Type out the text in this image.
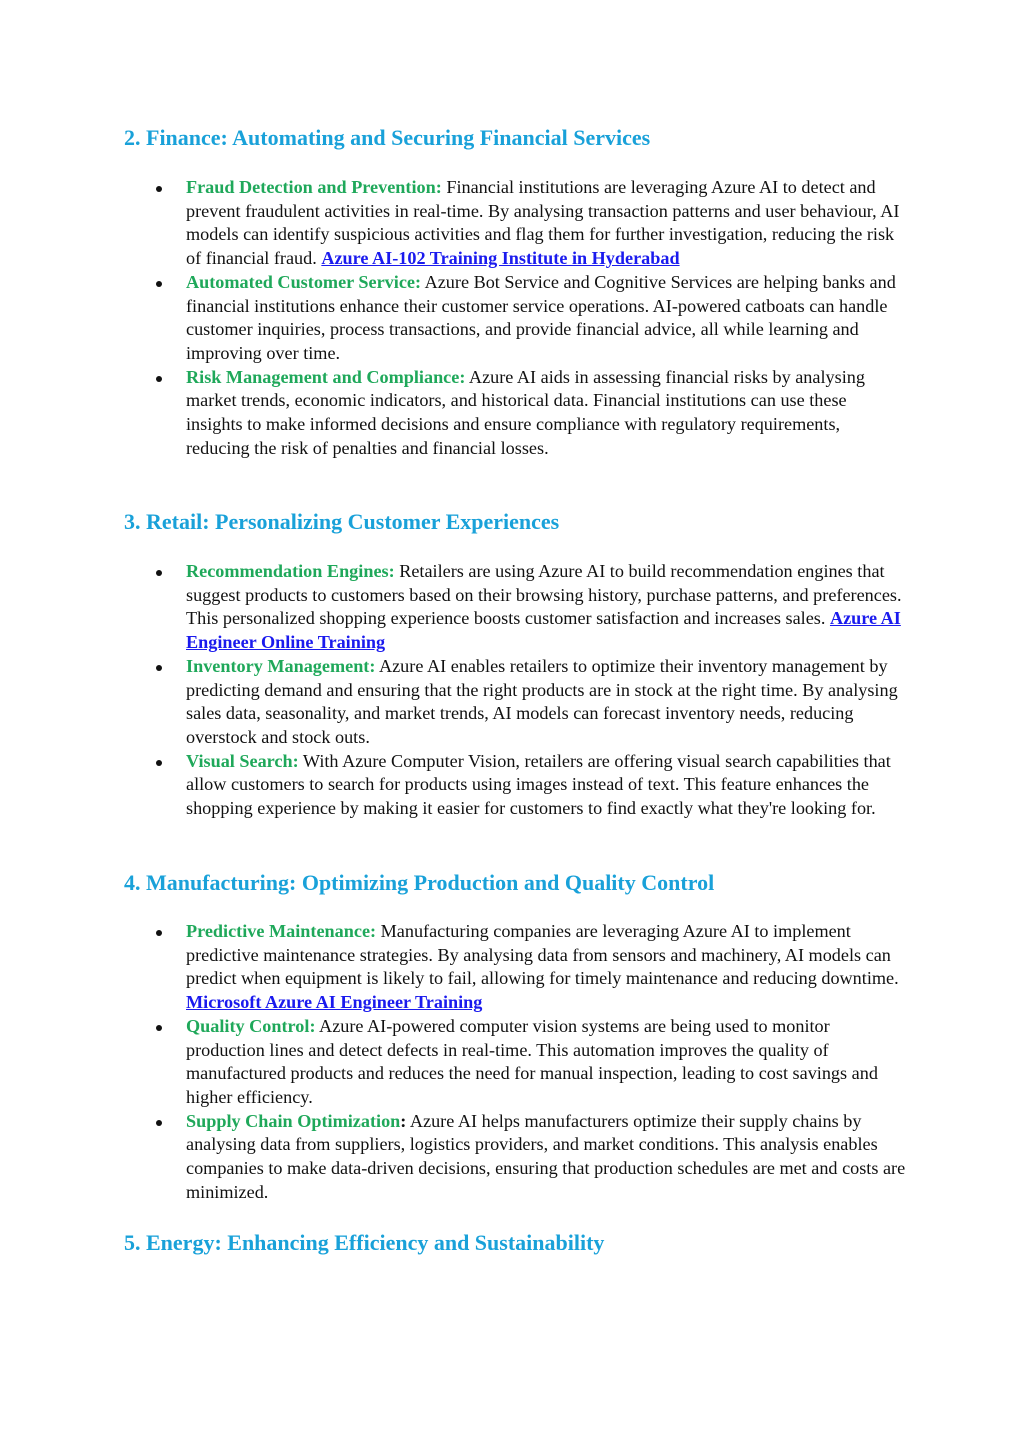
2. Finance: Automating and Securing Financial Services
Fraud Detection and Prevention: Financial institutions are leveraging Azure AI to detect and prevent fraudulent activities in real-time. By analysing transaction patterns and user behaviour, AI models can identify suspicious activities and flag them for further investigation, reducing the risk of financial fraud. Azure AI-102 Training Institute in Hyderabad
Automated Customer Service: Azure Bot Service and Cognitive Services are helping banks and financial institutions enhance their customer service operations. AI-powered catboats can handle customer inquiries, process transactions, and provide financial advice, all while learning and improving over time.
Risk Management and Compliance: Azure AI aids in assessing financial risks by analysing market trends, economic indicators, and historical data. Financial institutions can use these insights to make informed decisions and ensure compliance with regulatory requirements, reducing the risk of penalties and financial losses.
3. Retail: Personalizing Customer Experiences
Recommendation Engines: Retailers are using Azure AI to build recommendation engines that suggest products to customers based on their browsing history, purchase patterns, and preferences. This personalized shopping experience boosts customer satisfaction and increases sales. Azure AI Engineer Online Training
Inventory Management: Azure AI enables retailers to optimize their inventory management by predicting demand and ensuring that the right products are in stock at the right time. By analysing sales data, seasonality, and market trends, AI models can forecast inventory needs, reducing overstock and stock outs.
Visual Search: With Azure Computer Vision, retailers are offering visual search capabilities that allow customers to search for products using images instead of text. This feature enhances the shopping experience by making it easier for customers to find exactly what they're looking for.
4. Manufacturing: Optimizing Production and Quality Control
Predictive Maintenance: Manufacturing companies are leveraging Azure AI to implement predictive maintenance strategies. By analysing data from sensors and machinery, AI models can predict when equipment is likely to fail, allowing for timely maintenance and reducing downtime. Microsoft Azure AI Engineer Training
Quality Control: Azure AI-powered computer vision systems are being used to monitor production lines and detect defects in real-time. This automation improves the quality of manufactured products and reduces the need for manual inspection, leading to cost savings and higher efficiency.
Supply Chain Optimization: Azure AI helps manufacturers optimize their supply chains by analysing data from suppliers, logistics providers, and market conditions. This analysis enables companies to make data-driven decisions, ensuring that production schedules are met and costs are minimized.
5. Energy: Enhancing Efficiency and Sustainability
